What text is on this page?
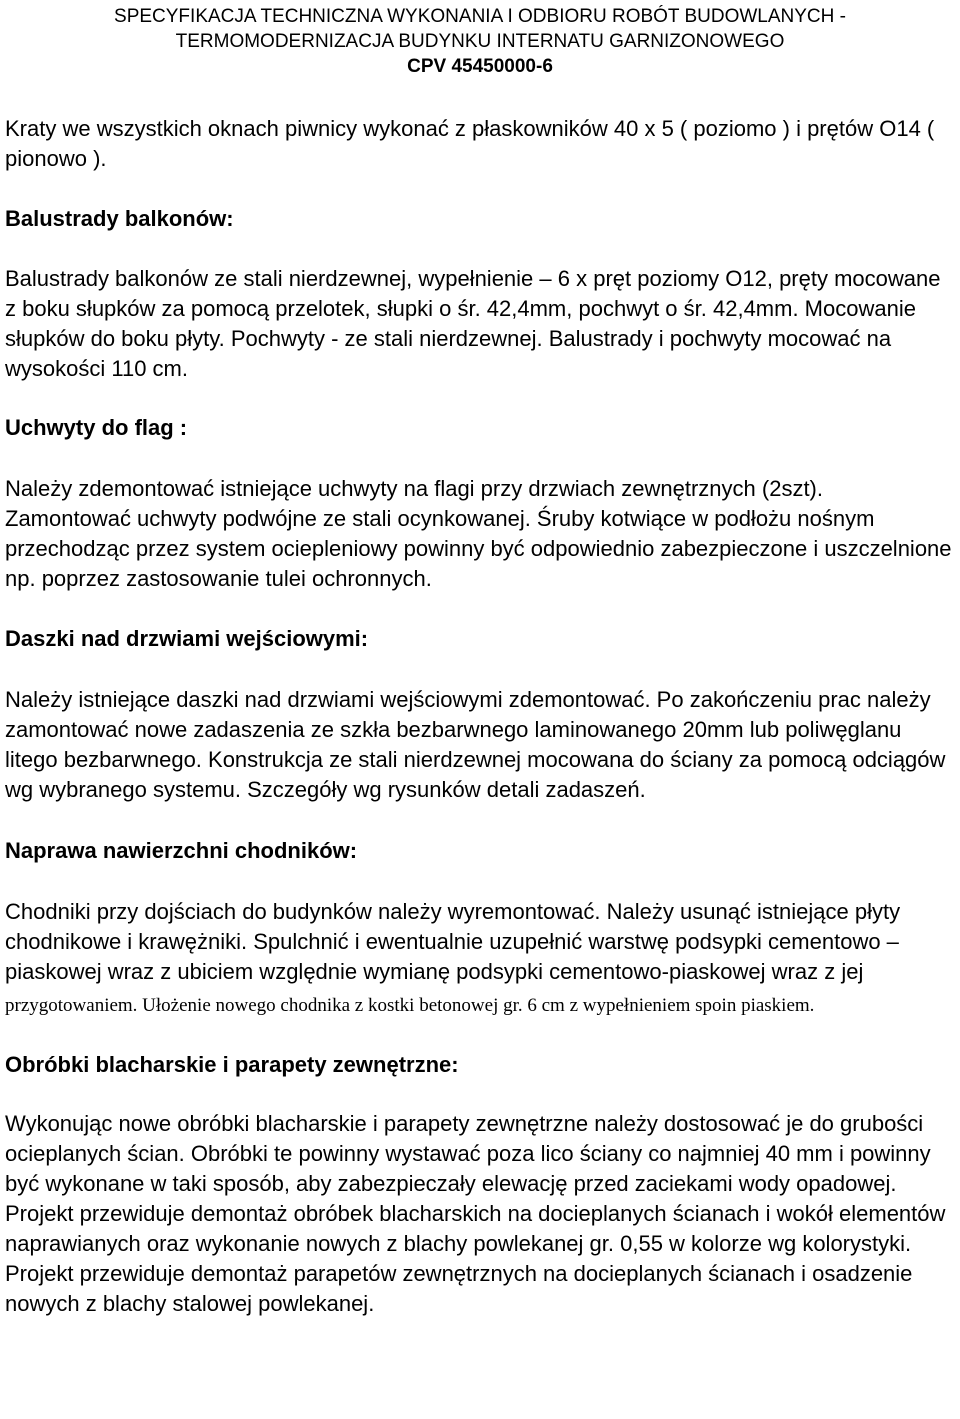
SPECYFIKACJA TECHNICZNA WYKONANIA I ODBIORU ROBÓT BUDOWLANYCH -
TERMOMODERNIZACJA BUDYNKU INTERNATU GARNIZONOWEGO
CPV 45450000-6

Kraty we wszystkich oknach piwnicy wykonać z płaskowników 40 x 5 ( poziomo ) i prętów O14 ( pionowo ).

Balustrady balkonów:

Balustrady balkonów ze stali nierdzewnej, wypełnienie – 6 x pręt poziomy O12, pręty mocowane z boku słupków za pomocą przelotek, słupki o śr. 42,4mm, pochwyt o śr. 42,4mm. Mocowanie słupków do boku płyty. Pochwyty - ze stali nierdzewnej. Balustrady i pochwyty mocować na wysokości 110 cm.

Uchwyty do flag :

Należy zdemontować istniejące uchwyty na flagi przy drzwiach zewnętrznych (2szt). Zamontować uchwyty podwójne ze stali ocynkowanej. Śruby kotwiące w podłożu nośnym przechodząc przez system ociepleniowy powinny być odpowiednio zabezpieczone i uszczelnione np. poprzez zastosowanie tulei ochronnych.

Daszki nad drzwiami wejściowymi:

Należy istniejące daszki nad drzwiami wejściowymi zdemontować. Po zakończeniu prac należy zamontować nowe zadaszenia ze szkła bezbarwnego laminowanego 20mm lub poliwęglanu litego bezbarwnego. Konstrukcja ze stali nierdzewnej mocowana do ściany za pomocą odciągów wg wybranego systemu. Szczegóły wg rysunków detali zadaszeń.

Naprawa nawierzchni chodników:

Chodniki przy dojściach do budynków należy wyremontować. Należy usunąć istniejące płyty chodnikowe i krawężniki. Spulchnić i ewentualnie uzupełnić warstwę podsypki cementowo – piaskowej wraz z ubiciem względnie wymianę podsypki cementowo-piaskowej wraz z jej przygotowaniem. Ułożenie nowego chodnika z kostki betonowej gr. 6 cm z wypełnieniem spoin piaskiem.

Obróbki blacharskie i parapety zewnętrzne:

Wykonując nowe obróbki blacharskie i parapety zewnętrzne należy dostosować je do grubości ocieplanych ścian. Obróbki te powinny wystawać poza lico ściany co najmniej 40 mm i powinny być wykonane w taki sposób, aby zabezpieczały elewację przed zaciekami wody opadowej. Projekt przewiduje demontaż obróbek blacharskich na docieplanych ścianach i wokół elementów naprawianych oraz wykonanie nowych z blachy powlekanej gr. 0,55 w kolorze wg kolorystyki. Projekt przewiduje demontaż parapetów zewnętrznych na docieplanych ścianach i osadzenie nowych z blachy stalowej powlekanej.
